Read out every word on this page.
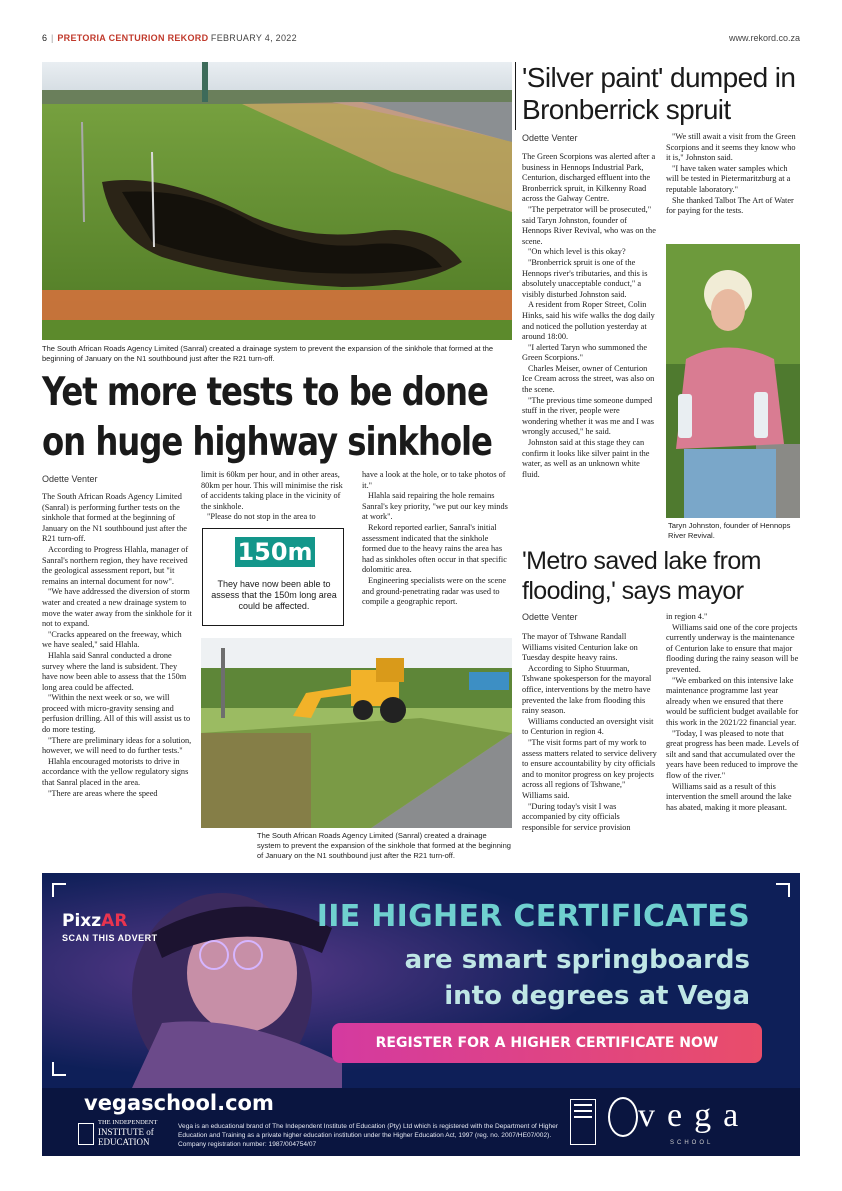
6 | PRETORIA CENTURION REKORD FEBRUARY 4, 2022	www.rekord.co.za
The South African Roads Agency Limited (Sanral) created a drainage system to prevent the expansion of the sinkhole that formed at the beginning of January on the N1 southbound just after the R21 turn-off.
Yet more tests to be done on huge highway sinkhole
Odette Venter

The South African Roads Agency Limited (Sanral) is performing further tests on the sinkhole that formed at the beginning of January on the N1 southbound just after the R21 turn-off.

According to Progress Hlahla, manager of Sanral's northern region, they have received the geological assessment report, but "it remains an internal document for now".

"We have addressed the diversion of storm water and created a new drainage system to move the water away from the sinkhole for it not to expand.

"Cracks appeared on the freeway, which we have sealed," said Hlahla.

Hlahla said Sanral conducted a drone survey where the land is subsident. They have now been able to assess that the 150m long area could be affected.

"Within the next week or so, we will proceed with micro-gravity sensing and perfusion drilling. All of this will assist us to do more testing.

"There are preliminary ideas for a solution, however, we will need to do further tests."

Hlahla encouraged motorists to drive in accordance with the yellow regulatory signs that Sanral placed in the area.

"There are areas where the speed

limit is 60km per hour, and in other areas, 80km per hour. This will minimise the risk of accidents taking place in the vicinity of the sinkhole.

"Please do not stop in the area to

have a look at the hole, or to take photos of it."

Hlahla said repairing the hole remains Sanral's key priority, "we put our key minds at work".

Rekord reported earlier, Sanral's initial assessment indicated that the sinkhole formed due to the heavy rains the area has had as sinkholes often occur in that specific dolomitic area.

Engineering specialists were on the scene and ground-penetrating radar was used to compile a geographic report.

150m
They have now been able to assess that the 150m long area could be affected.
The South African Roads Agency Limited (Sanral) created a drainage system to prevent the expansion of the sinkhole that formed at the beginning of January on the N1 southbound just after the R21 turn-off.
'Silver paint' dumped in Bronberrick spruit
Odette Venter

The Green Scorpions was alerted after a business in Hennops Industrial Park, Centurion, discharged effluent into the Bronberrick spruit, in Kilkenny Road across the Galway Centre.

"The perpetrator will be prosecuted," said Taryn Johnston, founder of Hennops River Revival, who was on the scene.

"On which level is this okay?

"Bronberrick spruit is one of the Hennops river's tributaries, and this is absolutely unacceptable conduct," a visibly disturbed Johnston said.

A resident from Roper Street, Colin Hinks, said his wife walks the dog daily and noticed the pollution yesterday at around 18:00.

"I alerted Taryn who summoned the Green Scorpions."

Charles Meiser, owner of Centurion Ice Cream across the street, was also on the scene.

"The previous time someone dumped stuff in the river, people were wondering whether it was me and I was wrongly accused," he said.

Johnston said at this stage they can confirm it looks like silver paint in the water, as well as an unknown white fluid.

"We still await a visit from the Green Scorpions and it seems they know who it is," Johnston said.

"I have taken water samples which will be tested in Pietermaritzburg at a reputable laboratory."

She thanked Talbot The Art of Water for paying for the tests.

Taryn Johnston, founder of Hennops River Revival.
'Metro saved lake from flooding,' says mayor
Odette Venter

The mayor of Tshwane Randall Williams visited Centurion lake on Tuesday despite heavy rains.

According to Sipho Stuurman, Tshwane spokesperson for the mayoral office, interventions by the metro have prevented the lake from flooding this rainy season.

Williams conducted an oversight visit to Centurion in region 4.

"The visit forms part of my work to assess matters related to service delivery to ensure accountability by city officials and to monitor progress on key projects across all regions of Tshwane," Williams said.

"During today's visit I was accompanied by city officials responsible for service provision

in region 4."

Williams said one of the core projects currently underway is the maintenance of Centurion lake to ensure that major flooding during the rainy season will be prevented.

"We embarked on this intensive lake maintenance programme last year already when we ensured that there would be sufficient budget available for this work in the 2021/22 financial year.

"Today, I was pleased to note that great progress has been made. Levels of silt and sand that accumulated over the years have been reduced to improve the flow of the river."

Williams said as a result of this intervention the smell around the lake has abated, making it more pleasant.

PixzAR
SCAN THIS ADVERT
IIE HIGHER CERTIFICATES
are smart springboards
into degrees at Vega
REGISTER FOR A HIGHER CERTIFICATE NOW
vegaschool.com
THE INDEPENDENT
INSTITUTE of
EDUCATION
Vega is an educational brand of The Independent Institute of Education (Pty) Ltd which is registered with the Department of Higher Education and Training as a private higher education institution under the Higher Education Act, 1997 (reg. no. 2007/HE07/002). Company registration number: 1987/004754/07
vega
SCHOOL
